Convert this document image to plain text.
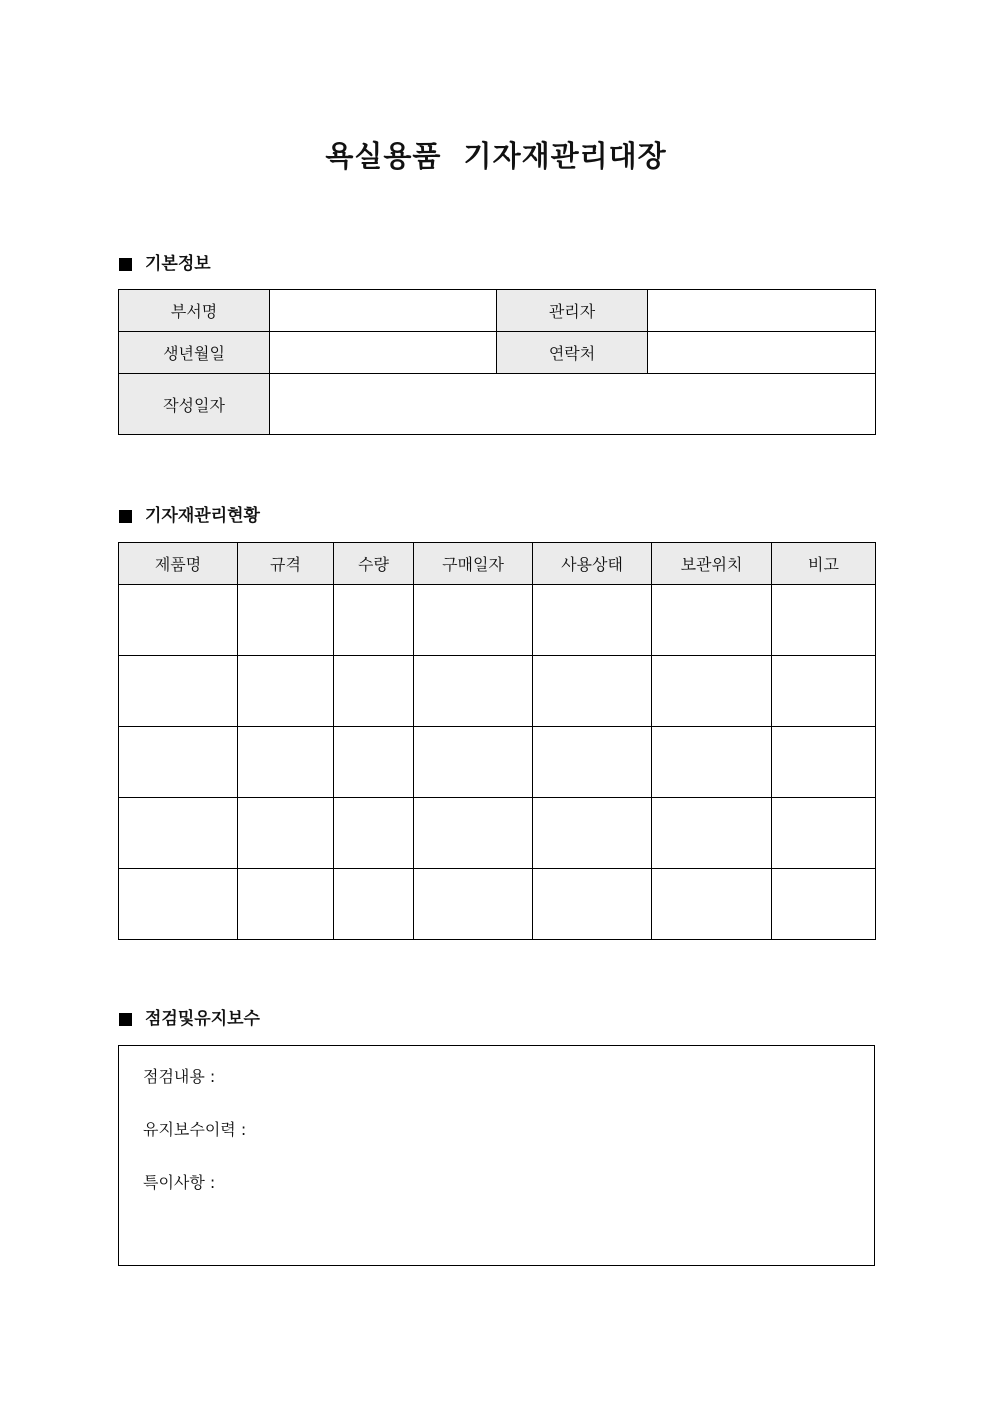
욕실용품  기자재관리대장
기본정보
부서명		관리자	
생년월일		연락처	
작성일자			
기자재관리현황
제품명	규격	수량	구매일자	사용상태	보관위치	비고

점검및유지보수
점검내용 :
유지보수이력 :
특이사항 :
